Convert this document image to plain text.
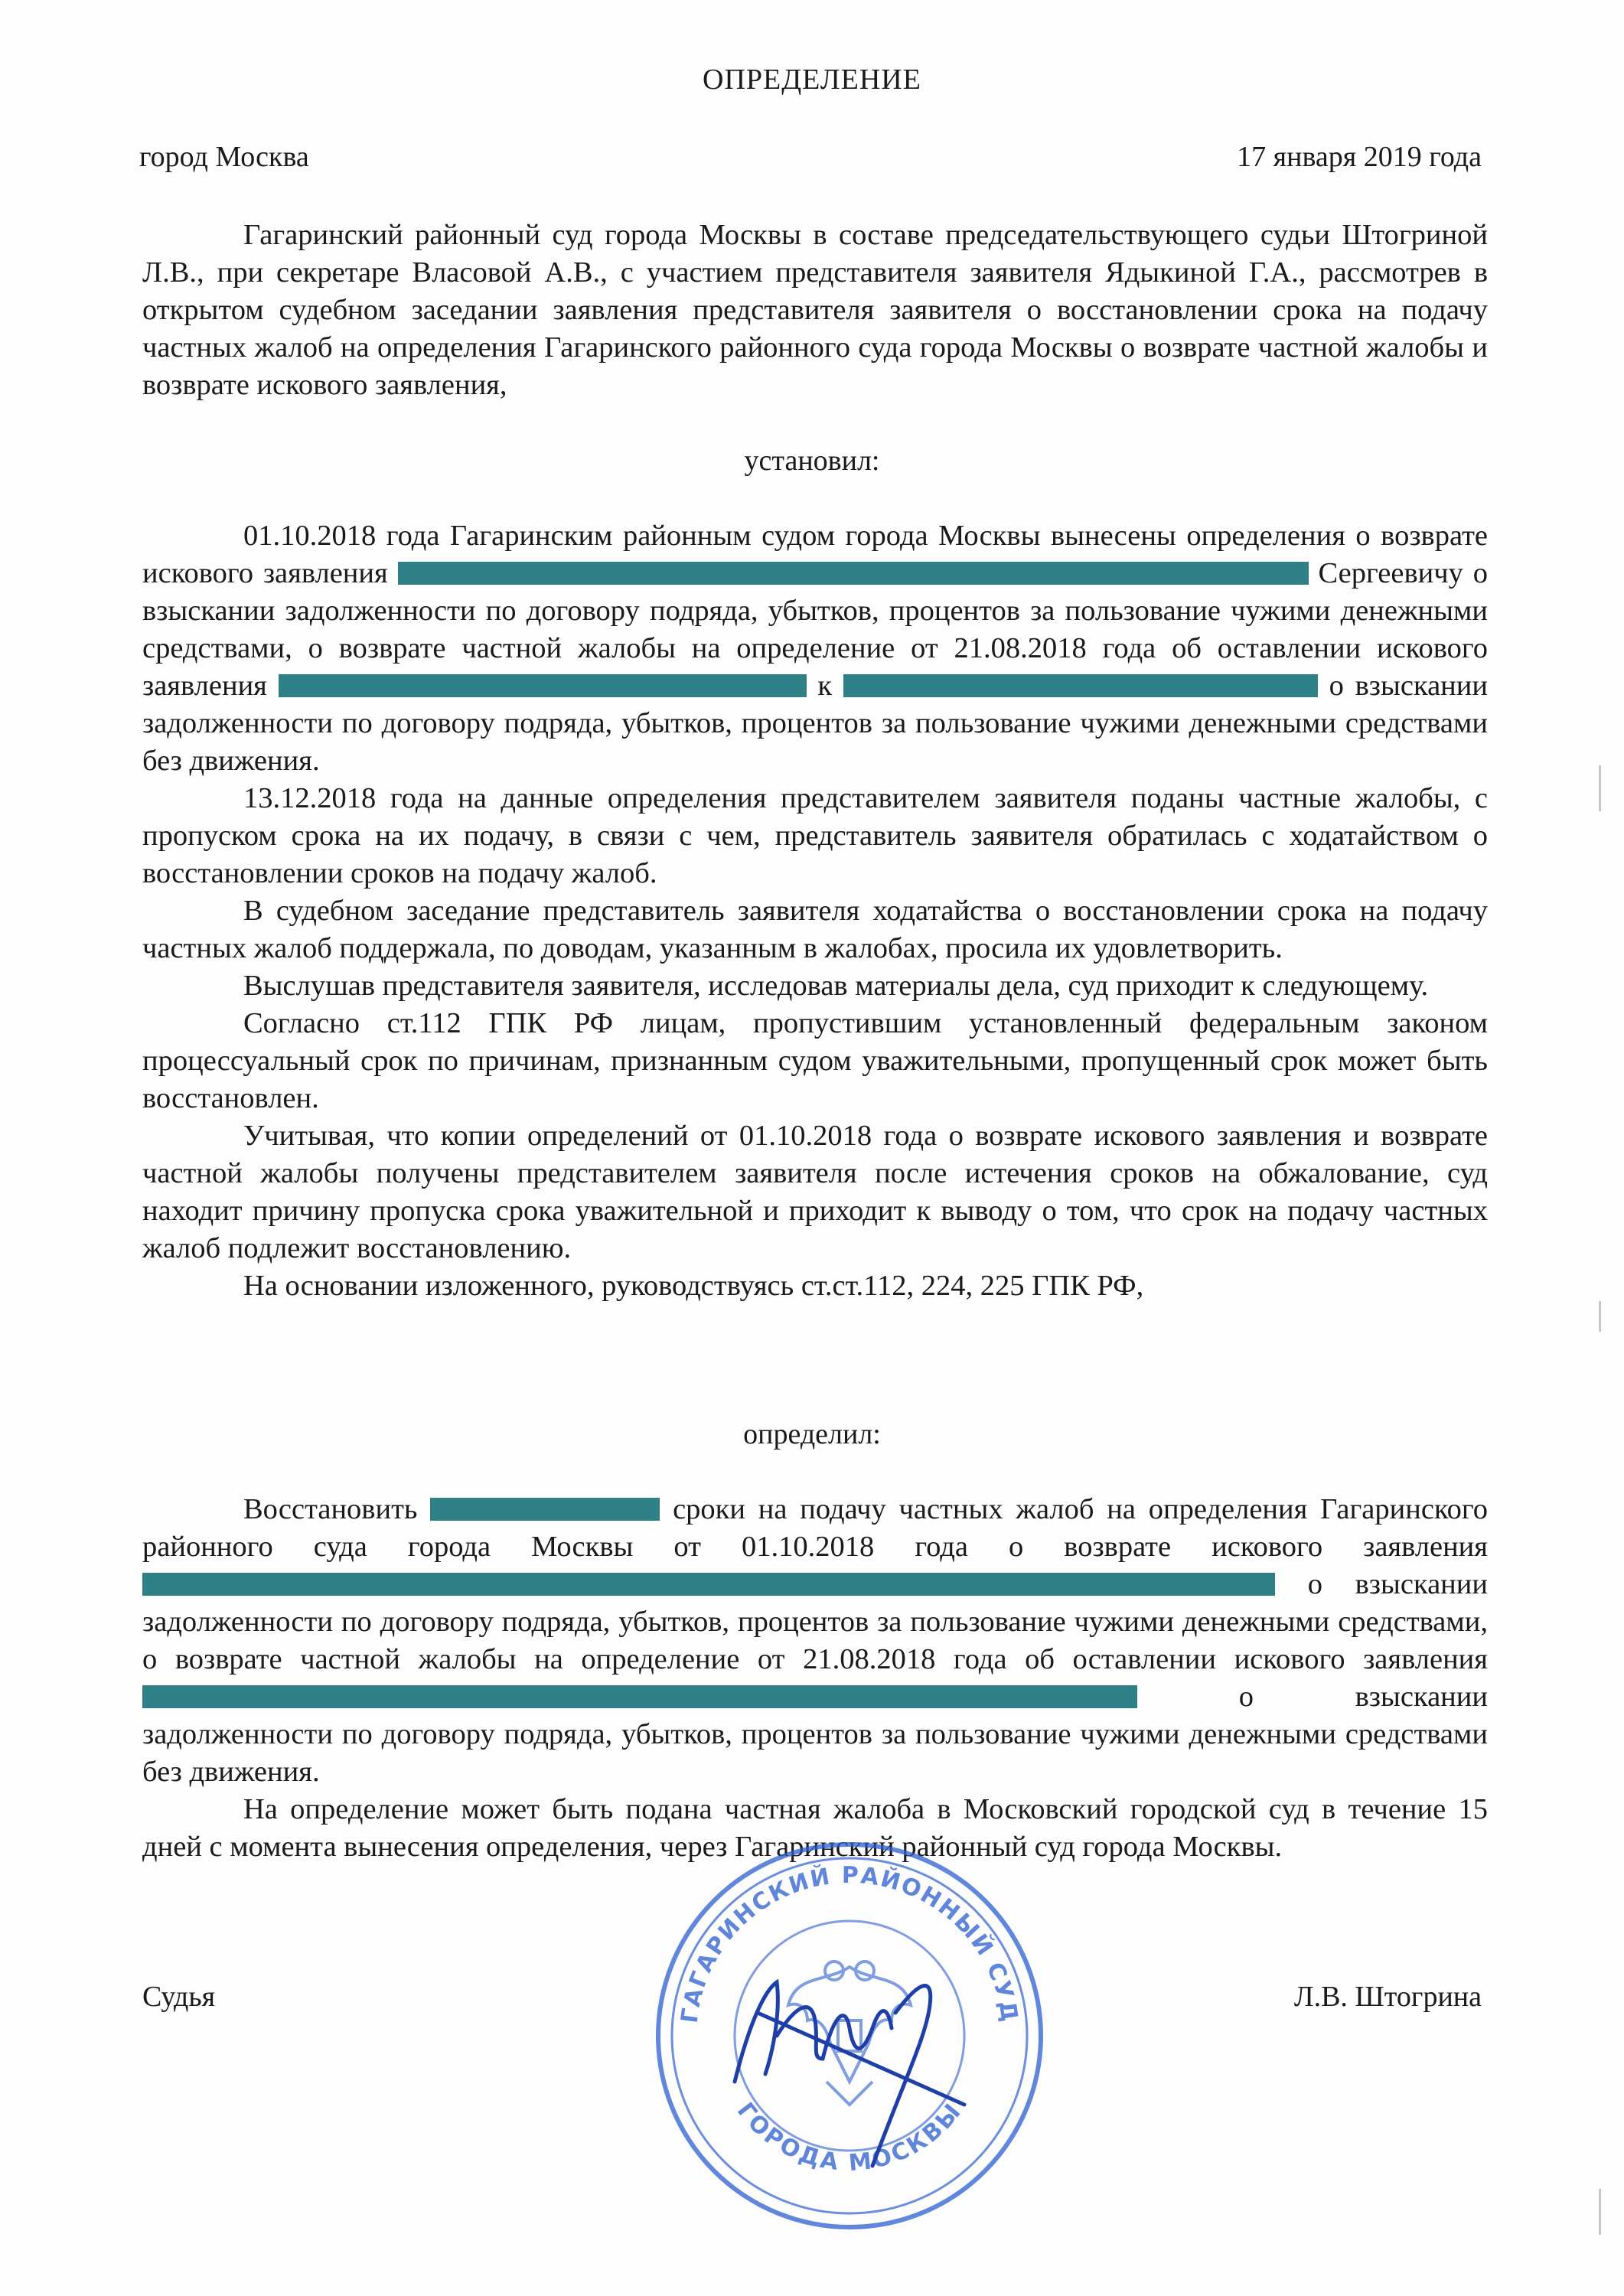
ОПРЕДЕЛЕНИЕ
город Москва	17 января 2019 года

Гагаринский районный суд города Москвы в составе председательствующего судьи Штогриной Л.В., при секретаре Власовой А.В., с участием представителя заявителя Ядыкиной Г.А., рассмотрев в открытом судебном заседании заявления представителя заявителя о восстановлении срока на подачу частных жалоб на определения Гагаринского районного суда города Москвы о возврате частной жалобы и возврате искового заявления,

установил:

01.10.2018 года Гагаринским районным судом города Москвы вынесены определения о возврате искового заявления	Сергеевичу о взыскании задолженности по договору подряда, убытков, процентов за пользование чужими денежными средствами, о возврате частной жалобы на определение от 21.08.2018 года об оставлении искового заявления	к	о взыскании задолженности по договору подряда, убытков, процентов за пользование чужими денежными средствами без движения.

13.12.2018 года на данные определения представителем заявителя поданы частные жалобы, с пропуском срока на их подачу, в связи с чем, представитель заявителя обратилась с ходатайством о восстановлении сроков на подачу жалоб.

В судебном заседание представитель заявителя ходатайства о восстановлении срока на подачу частных жалоб поддержала, по доводам, указанным в жалобах, просила их удовлетворить.

Выслушав представителя заявителя, исследовав материалы дела, суд приходит к следующему.

Согласно ст.112 ГПК РФ лицам, пропустившим установленный федеральным законом процессуальный срок по причинам, признанным судом уважительными, пропущенный срок может быть восстановлен.

Учитывая, что копии определений от 01.10.2018 года о возврате искового заявления и возврате частной жалобы получены представителем заявителя после истечения сроков на обжалование, суд находит причину пропуска срока уважительной и приходит к выводу о том, что срок на подачу частных жалоб подлежит восстановлению.

На основании изложенного, руководствуясь ст.ст.112, 224, 225 ГПК РФ,

определил:

Восстановить	сроки на подачу частных жалоб на определения Гагаринского районного суда города Москвы от 01.10.2018 года о возврате искового заявления  о взыскании задолженности по договору подряда, убытков, процентов за пользование чужими денежными средствами, о возврате частной жалобы на определение от 21.08.2018 года об оставлении искового заявления  о взыскании задолженности по договору подряда, убытков, процентов за пользование чужими денежными средствами без движения.

На определение может быть подана частная жалоба в Московский городской суд в течение 15 дней с момента вынесения определения, через Гагаринский районный суд города Москвы.

Судья	Л.В. Штогрина
ГАГАРИНСКИЙ РАЙОННЫЙ СУД
ГОРОДА МОСКВЫ
